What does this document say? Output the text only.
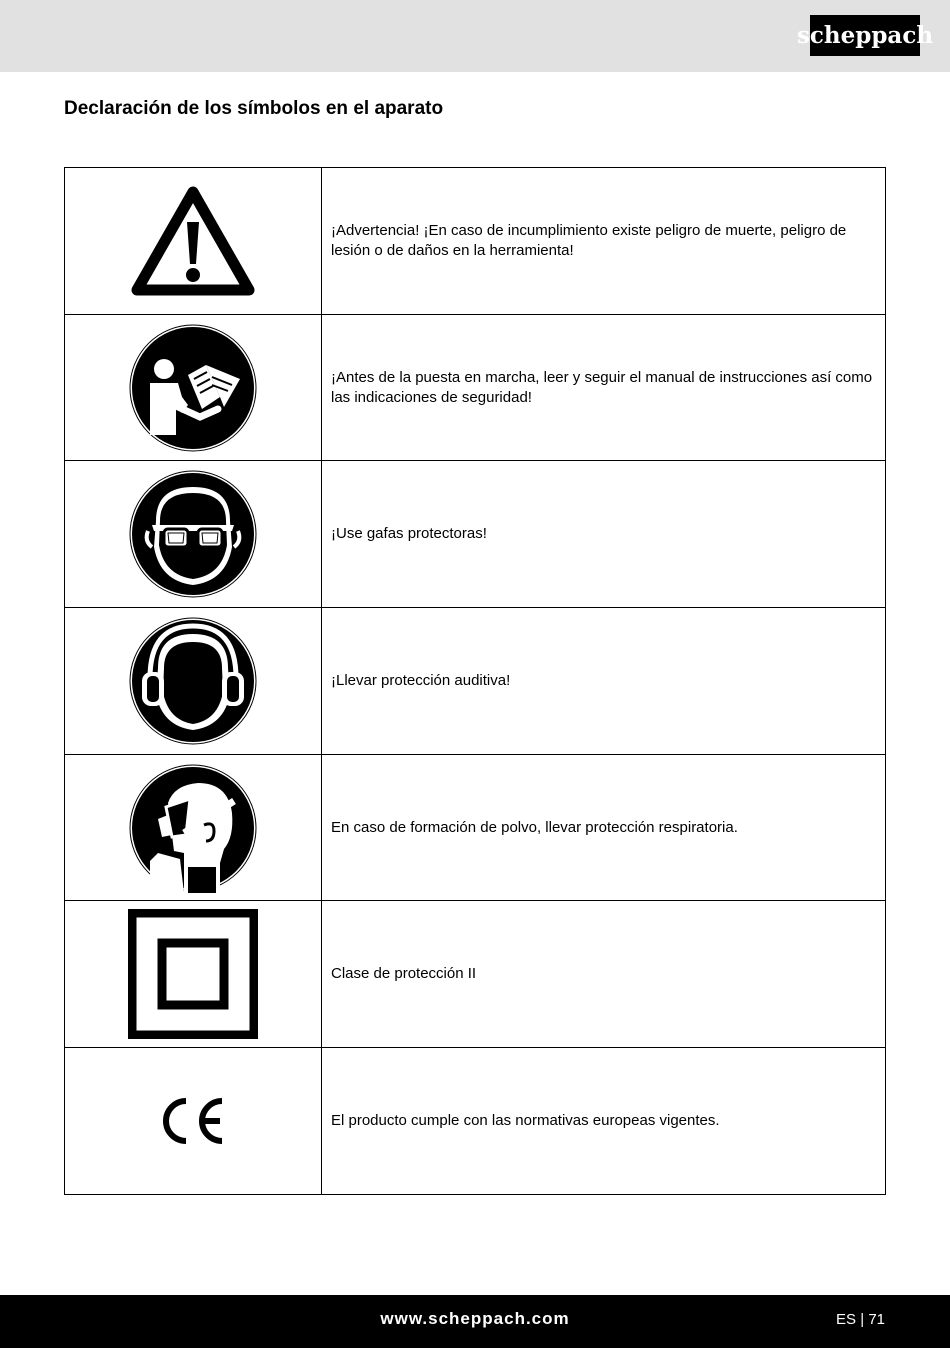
scheppach
Declaración de los símbolos en el aparato
	¡Advertencia! ¡En caso de incumplimiento existe peligro de muerte, peligro de lesión o de daños en la herramienta!

	¡Antes de la puesta en marcha, leer y seguir el manual de instrucciones así como las indicaciones de seguridad!

	¡Use gafas protectoras!

	¡Llevar protección auditiva!

	En caso de formación de polvo, llevar protección respiratoria.

	Clase de protección II

	El producto cumple con las normativas europeas vigentes.
www.scheppach.com	ES | 71
